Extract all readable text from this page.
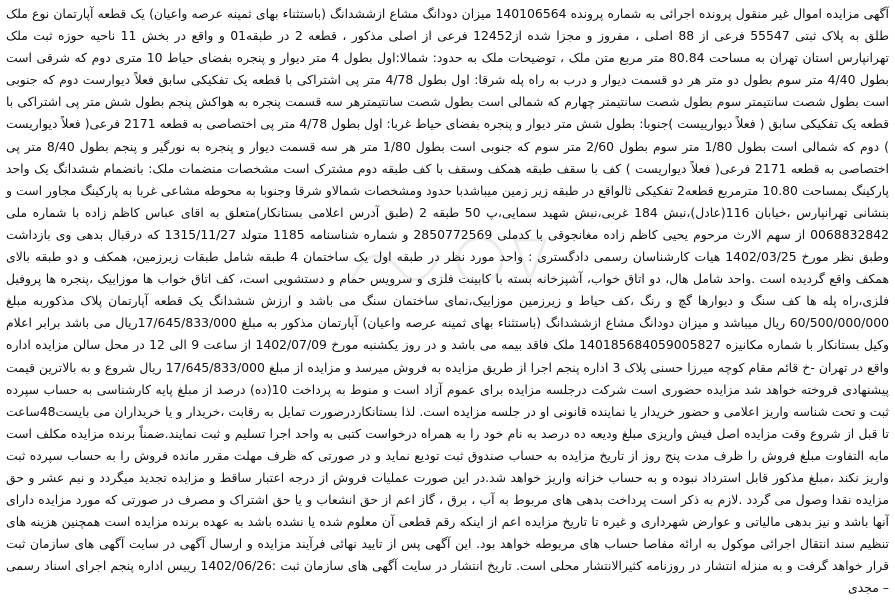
آگهی مزایده اموال غیر منقول پرونده اجرائی به شماره پرونده 140106564 میزان دودانگ مشاع ازششدانگ (باستثناء بهای ثمینه عرصه واعیان) یک قطعه آپارتمان نوع ملک طلق به پلاک ثبتی 55547 فرعی از 88 اصلی ، مفروز و مجزا شده از12452 فرعی از اصلی مذکور ، قطعه 2 در طبقه01 و واقع در بخش 11 ناحیه حوزه ثبت ملک تهرانپارس استان تهران به مساحت 80.84 متر مربع متن ملک ، توضیحات ملک به حدود: شمالا:اول بطول 4 متر دیوار و پنجره بفضای حیاط 10 متری دوم که شرقی است بطول 4/40 متر سوم بطول دو متر هر دو قسمت دیوار و درب به راه پله شرقا: اول بطول 4/78 متر پی اشتراکی با قطعه یک تفکیکی سابق فعلاً دیوارست دوم که جنوبی است بطول شصت سانتیمتر سوم بطول شصت سانتیمتر چهارم که شمالی است بطول شصت سانتیمترهر سه قسمت پنجره به هواکش پنجم بطول شش متر پی اشتراکی با قطعه یک تفکیکی سابق ( فعلاً دیوارییست )جنوبا: بطول شش متر دیوار و پنجره بفضای حیاط غربا: اول بطول 4/78 متر پی اختصاصی به قطعه 2171 فرعی( فعلاً دیواریست ) دوم که شمالی است بطول 1/80 متر سوم بطول 2/60 متر سوم که جنوبی است بطول 1/80 متر هر سه قسمت دیوار و پنجره به نورگیر و پنجم بطول 8/40 متر پی اختصاصی به قطعه 2171 فرعی( فعلاً دیواریست ) کف با سقف طبقه همکف وسقف با کف طبقه دوم مشترک است مشخصات منضمات ملک: بانضمام ششدانگ یک واحد پارکینگ بمساحت 10.80 مترمربع قطعه2 تفکیکی ثالواقع در طبقه زیر زمین میباشدبا حدود ومشخصات شمالاو شرقا وجنوبا به محوطه مشاعی غربا به پارکینگ مجاور است و بنشانی تهرانپارس ،خیابان 116(عادل)،نبش 184 غربی،نبش شهید سمایی،پ 50 طبقه 2 (طبق آدرس اعلامی بستانکار)متعلق به اقای عباس کاظم زاده با شماره ملی 0068832842 از سهم الارث مرحوم یحیی کاظم زاده مغانجوقی با کدملی 2850772569 و شماره شناسنامه 1185 متولد 1315/11/27 که درقبال بدهی وی بازداشت وطبق نظر مورخ 1402/03/25 هیات کارشناسان رسمی دادگستری : واحد مورد نظر در طبقه اول یک ساختمان 4 طبقه شامل طبقات زیرزمین، همکف و دو طبقه بالای همکف واقع گردیده است .واحد شامل هال، دو اتاق خواب، آشپزخانه بسته با کابینت فلزی و سرویس حمام و دستشویی است، کف اتاق خواب ها موزاییک ،پنجره ها پروفیل فلزی،راه پله ها کف سنگ و دیوارها گچ و رنگ ،کف حیاط و زیرزمین موزاییک،نمای ساختمان سنگ می باشد و ارزش ششدانگ یک قطعه آپارتمان پلاک مذکوربه مبلغ 60/500/000/000 ریال میباشد و میزان دودانگ مشاع ازششدانگ (باستثناء بهای ثمینه عرصه واعیان) آپارتمان مذکور به مبلغ 17/645/833/000ریال می باشد برابر اعلام وکیل بستانکار با شماره مکانیزه 140185684059005827 ملک فاقد بیمه می باشد و در روز یکشنبه مورخ 1402/07/09 از ساعت 9 الی 12 در محل سالن مزایده اداره واقع در تهران -خ قائم مقام کوچه میرزا حسنی پلاک 3 اداره پنجم اجرا از طریق مزایده به فروش میرسد و مزایده از مبلغ 17/645/833/000 ریال شروع و به بالاترین قیمت پیشنهادی فروخته خواهد شد مزایده حضوری است شرکت درجلسه مزایده برای عموم آزاد است و منوط به پرداخت 10(ده) درصد از مبلغ پایه کارشناسی به حساب سپرده ثبت و تحت شناسه واریز اعلامی و حضور خریدار یا نماینده قانونی او در جلسه مزایده است. لذا بستانکاردرصورت تمایل به رقابت ،خریدار و یا خریداران می بایست48ساعت تا قبل از شروع وقت مزایده اصل فیش واریزی مبلغ ودیعه ده درصد به نام خود را به همراه درخواست کتبی به واحد اجرا تسلیم و ثبت نمایند.ضمناً برنده مزایده مکلف است مابه التفاوت مبلغ فروش را ظرف مدت پنج روز از تاریخ مزایده به حساب صندوق ثبت تودیع نماید و در صورتی که ظرف مهلت مقرر مانده فروش را به حساب سپرده ثبت واریز نکند ،مبلغ مذکور قابل استرداد نبوده و به حساب خزانه واریز خواهد شد.در این صورت عملیات فروش از درجه اعتبار ساقط و مزایده تجدید میگردد و نیم عشر و حق مزایده نقدا وصول می گردد .لازم به ذکر است پرداخت بدهی های مربوط به آب ، برق ، گاز اعم از حق انشعاب و یا حق اشتراک و مصرف در صورتی که مورد مزایده دارای آنها باشد و نیز بدهی مالیاتی و عوارض شهرداری و غیره تا تاریخ مزایده اعم از اینکه رقم قطعی آن معلوم شده یا نشده باشد به عهده برنده مزایده است همچنین هزینه های تنظیم سند انتقال اجرائی موکول به ارائه مفاصا حساب های مربوطه خواهد بود. این آگهی پس از تایید نهائی فرآیند مزایده و ارسال آگهی در سایت آگهی های سازمان ثبت قرار خواهد گرفت و به منزله انتشار در روزنامه کثیرالانتشار محلی است. تاریخ انتشار در سایت آگهی های سازمان ثبت :1402/06/26 رییس اداره پنجم اجرای اسناد رسمی – مجدی
